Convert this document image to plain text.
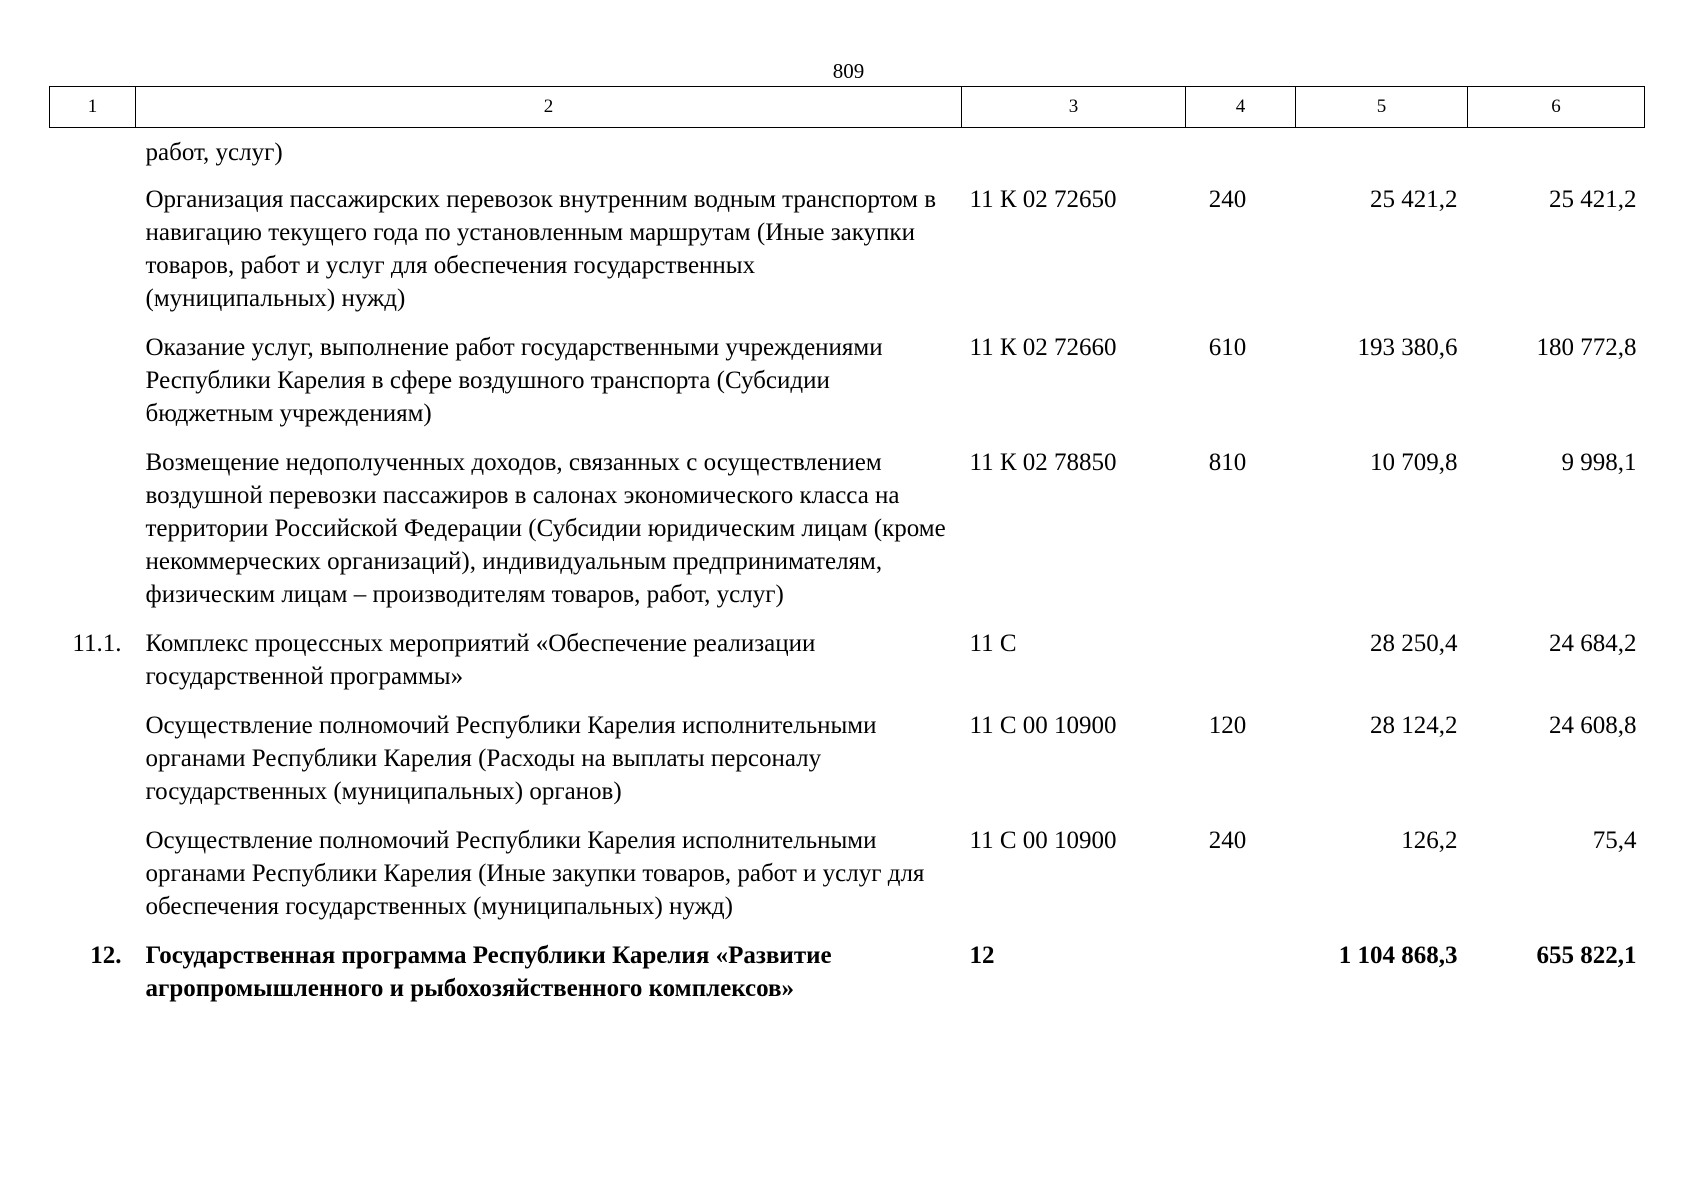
809
1	2	3	4	5	6
	работ, услуг)				
	Организация пассажирских перевозок внутренним водным транспортом в навигацию текущего года по установленным маршрутам (Иные закупки товаров, работ и услуг для обеспечения государственных (муниципальных) нужд)	11 К 02 72650	240	25 421,2	25 421,2
	Оказание услуг, выполнение работ государственными учреждениями Республики Карелия в сфере воздушного транспорта (Субсидии бюджетным учреждениям)	11 К 02 72660	610	193 380,6	180 772,8
	Возмещение недополученных доходов, связанных с осуществлением воздушной перевозки пассажиров в салонах экономического класса на территории Российской Федерации (Субсидии юридическим лицам (кроме некоммерческих организаций), индивидуальным предпринимателям, физическим лицам – производителям товаров, работ, услуг)	11 К 02 78850	810	10 709,8	9 998,1
11.1.	Комплекс процессных мероприятий «Обеспечение реализации государственной программы»	11 С		28 250,4	24 684,2
	Осуществление полномочий Республики Карелия исполнительными органами Республики Карелия (Расходы на выплаты персоналу государственных (муниципальных) органов)	11 С 00 10900	120	28 124,2	24 608,8
	Осуществление полномочий Республики Карелия исполнительными органами Республики Карелия (Иные закупки товаров, работ и услуг для обеспечения государственных (муниципальных) нужд)	11 С 00 10900	240	126,2	75,4
12.	Государственная программа Республики Карелия «Развитие агропромышленного и рыбохозяйственного комплексов»	12		1 104 868,3	655 822,1
